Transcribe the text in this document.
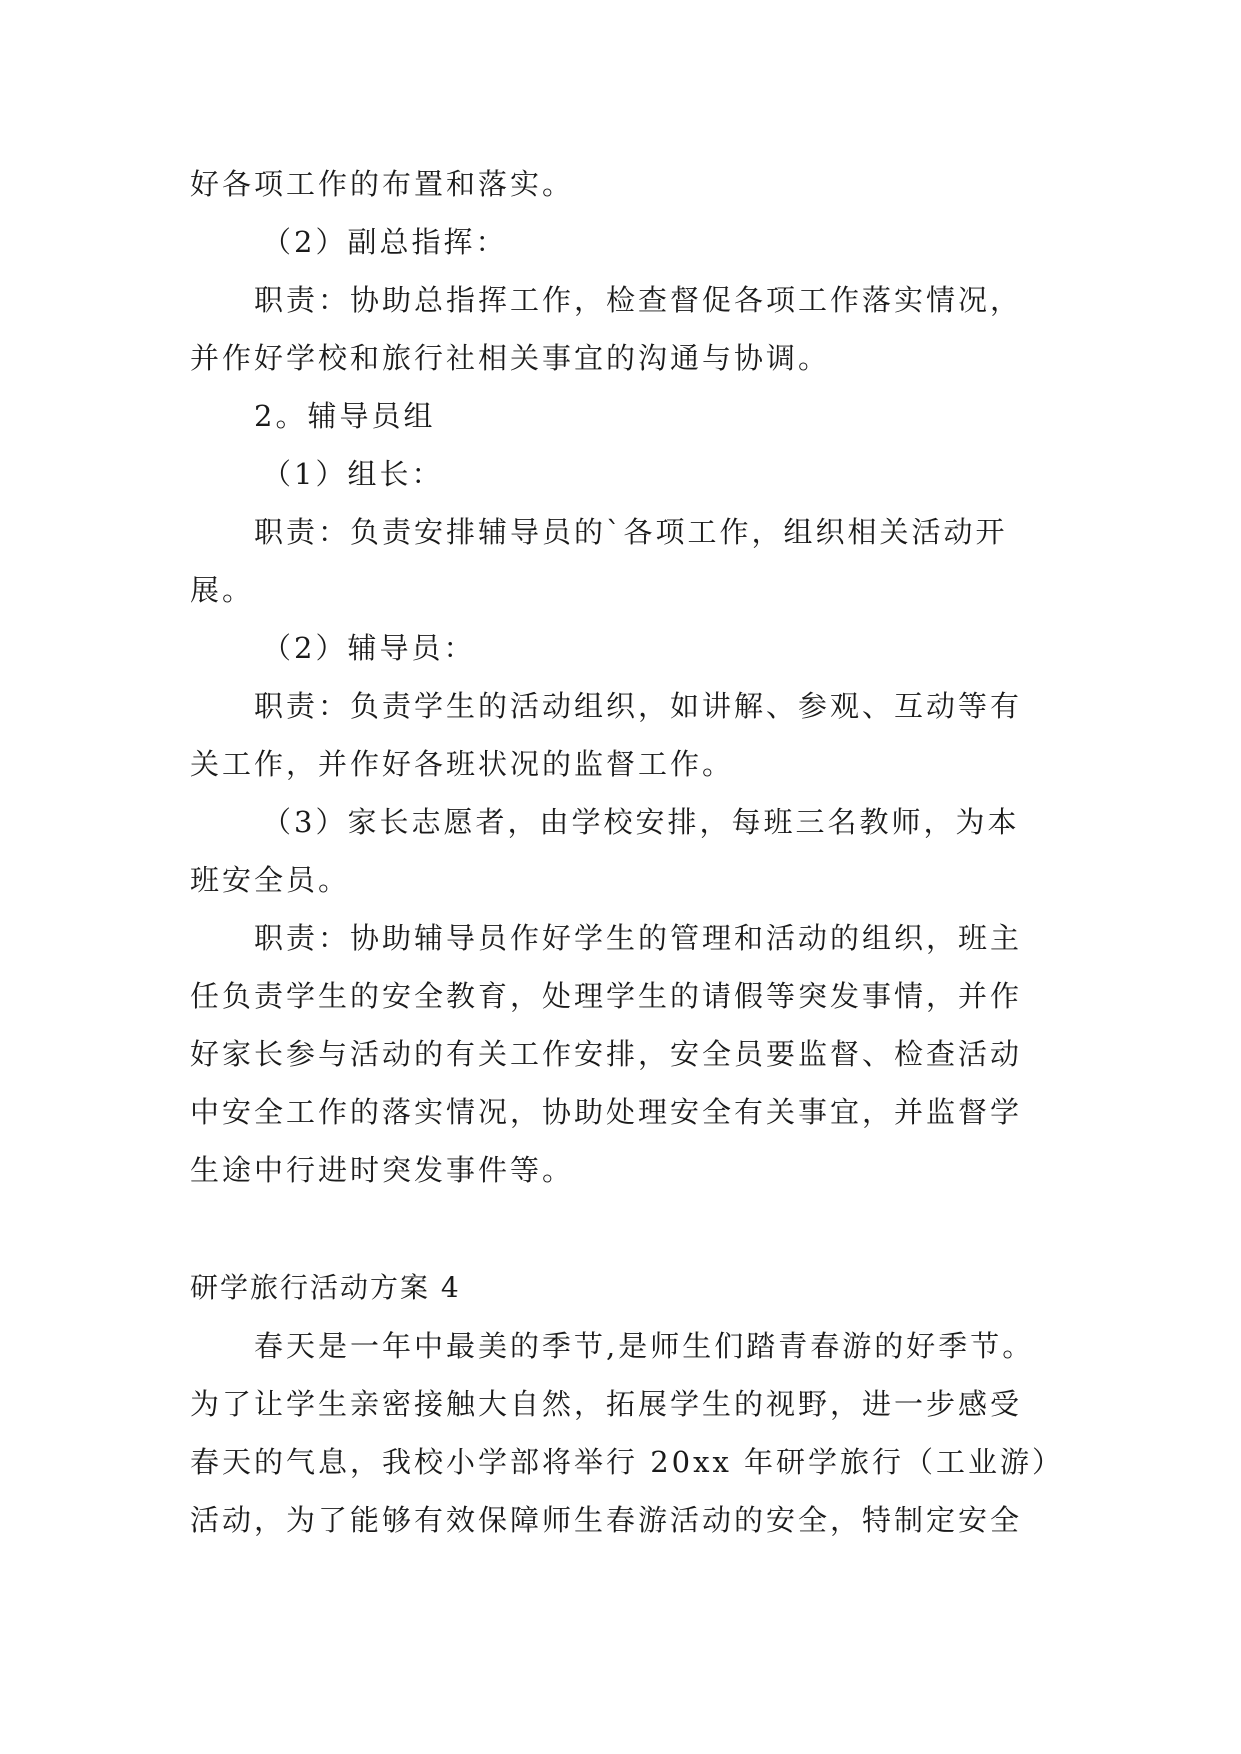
好各项工作的布置和落实。
（2）副总指挥：
职责：协助总指挥工作，检查督促各项工作落实情况，
并作好学校和旅行社相关事宜的沟通与协调。
2。辅导员组
（1）组长：
职责：负责安排辅导员的`各项工作，组织相关活动开
展。
（2）辅导员：
职责：负责学生的活动组织，如讲解、参观、互动等有
关工作，并作好各班状况的监督工作。
（3）家长志愿者，由学校安排，每班三名教师，为本
班安全员。
职责：协助辅导员作好学生的管理和活动的组织，班主
任负责学生的安全教育，处理学生的请假等突发事情，并作
好家长参与活动的有关工作安排，安全员要监督、检查活动
中安全工作的落实情况，协助处理安全有关事宜，并监督学
生途中行进时突发事件等。
研学旅行活动方案 4
春天是一年中最美的季节,是师生们踏青春游的好季节。
为了让学生亲密接触大自然，拓展学生的视野，进一步感受
春天的气息，我校小学部将举行 20xx 年研学旅行（工业游）
活动，为了能够有效保障师生春游活动的安全，特制定安全
